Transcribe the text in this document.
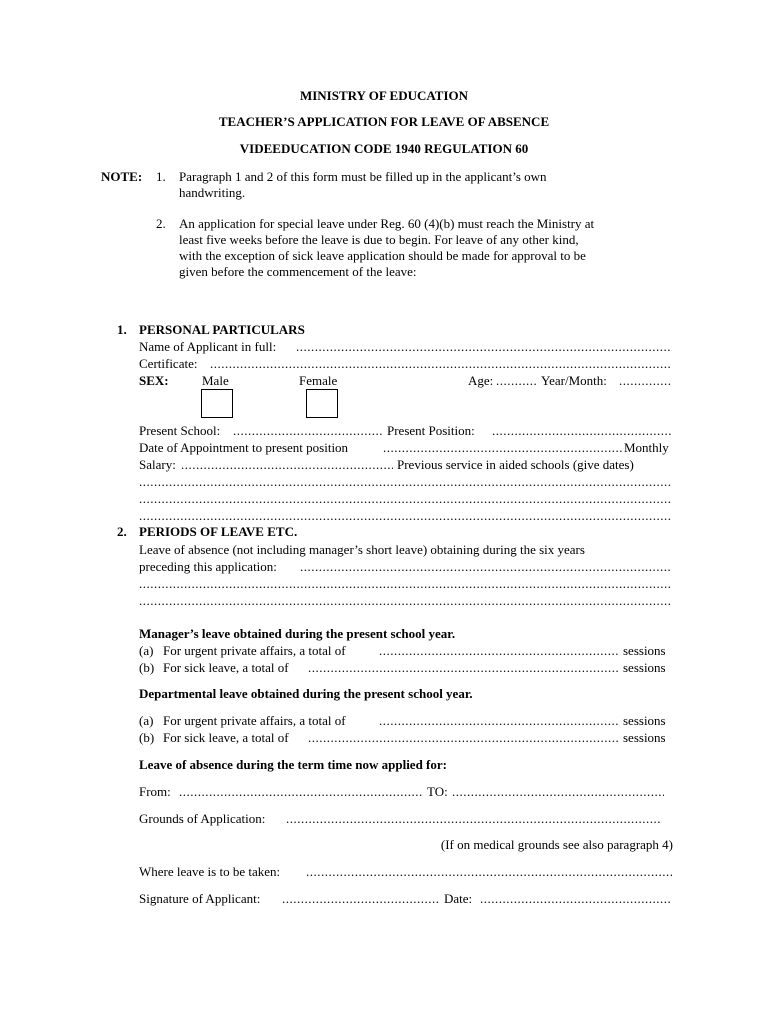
MINISTRY OF EDUCATION
TEACHER’S APPLICATION FOR LEAVE OF ABSENCE
VIDEEDUCATION CODE 1940 REGULATION 60
NOTE: 1. Paragraph 1 and 2 of this form must be filled up in the applicant’s own
handwriting.
2. An application for special leave under Reg. 60 (4)(b) must reach the Ministry at
least five weeks before the leave is due to begin. For leave of any other kind,
with the exception of sick leave application should be made for approval to be
given before the commencement of the leave:
1. PERSONAL PARTICULARS
Name of Applicant in full:
.....
Certificate:
.....
SEX:	Male	Female	Age: .....	Year/Month:
.....
Present School: .....	Present Position:
.....
Date of Appointment to present position .....	Monthly
Salary: .....	Previous service in aided schools (give dates)
.....
.....
.....
2. PERIODS OF LEAVE ETC.
Leave of absence (not including manager’s short leave) obtaining during the six years
preceding this application:
.....
.....
.....
Manager’s leave obtained during the present school year.
(a) For urgent private affairs, a total of .....	sessions
(b) For sick leave, a total of .....	sessions
Departmental leave obtained during the present school year.
(a) For urgent private affairs, a total of .....	sessions
(b) For sick leave, a total of .....	sessions
Leave of absence during the term time now applied for:
From: .....	TO:
.....
Grounds of Application:
.....
(If on medical grounds see also paragraph 4)
Where leave is to be taken:
.....
Signature of Applicant: .....	Date:
.....
